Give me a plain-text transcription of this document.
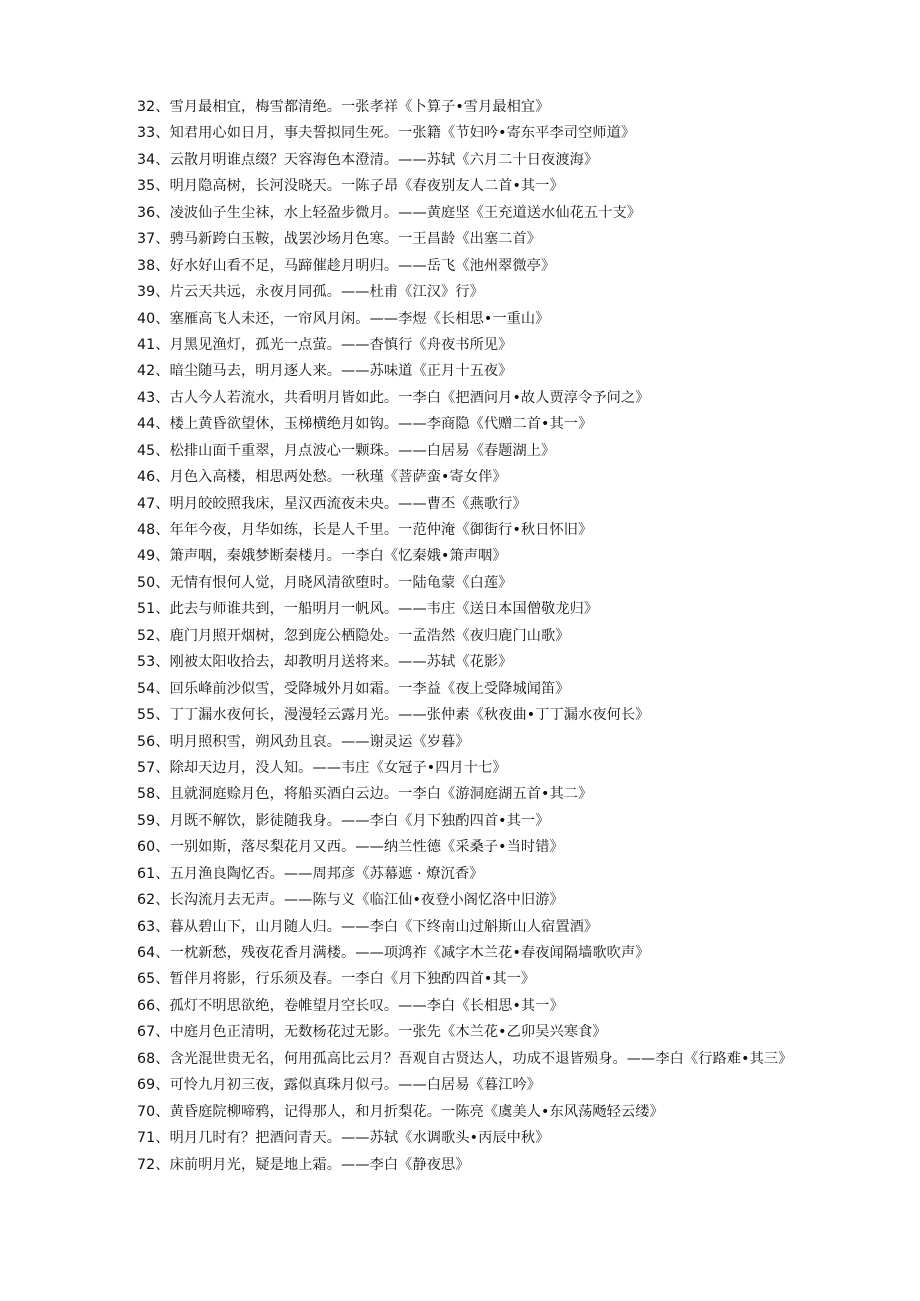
32、雪月最相宜，梅雪都清绝。一张孝祥《卜算子•雪月最相宜》
33、知君用心如日月，事夫誓拟同生死。一张籍《节妇吟•寄东平李司空师道》
34、云散月明谁点缀？天容海色本澄清。——苏轼《六月二十日夜渡海》
35、明月隐高树，长河没晓天。一陈子昂《春夜别友人二首•其一》
36、凌波仙子生尘袜，水上轻盈步微月。——黄庭坚《王充道送水仙花五十支》
37、骋马新跨白玉鞍，战罢沙场月色寒。一王昌龄《出塞二首》
38、好水好山看不足，马蹄催趁月明归。——岳飞《池州翠微亭》
39、片云天共远，永夜月同孤。——杜甫《江汉》行》
40、塞雁高飞人未还，一帘风月闲。——李煜《长相思•一重山》
41、月黑见渔灯，孤光一点萤。——杳慎行《舟夜书所见》
42、暗尘随马去，明月逐人来。——苏味道《正月十五夜》
43、古人今人若流水，共看明月皆如此。一李白《把酒问月•故人贾淳令予问之》
44、楼上黄昏欲望休，玉梯横绝月如钩。——李商隐《代赠二首•其一》
45、松排山面千重翠，月点波心一颗珠。——白居易《春题湖上》
46、月色入高楼，相思两处愁。一秋瑾《菩萨蛮•寄女伴》
47、明月皎皎照我床，星汉西流夜未央。——曹丕《燕歌行》
48、年年今夜，月华如练，长是人千里。一范仲淹《御街行•秋日怀旧》
49、箫声咽，秦娥梦断秦楼月。一李白《忆秦娥•箫声咽》
50、无情有恨何人觉，月晓风清欲堕时。一陆龟蒙《白莲》
51、此去与师谁共到，一船明月一帆风。——韦庄《送日本国僧敬龙归》
52、鹿门月照开烟树，忽到庞公栖隐处。一孟浩然《夜归鹿门山歌》
53、刚被太阳收拾去，却教明月送将来。——苏轼《花影》
54、回乐峰前沙似雪，受降城外月如霜。一李益《夜上受降城闻笛》
55、丁丁漏水夜何长，漫漫轻云露月光。——张仲素《秋夜曲•丁丁漏水夜何长》
56、明月照积雪，朔风劲且哀。——谢灵运《岁暮》
57、除却天边月，没人知。——韦庄《女冠子•四月十七》
58、且就洞庭赊月色，将船买酒白云边。一李白《游洞庭湖五首•其二》
59、月既不解饮，影徒随我身。——李白《月下独酌四首•其一》
60、一别如斯，落尽梨花月又西。——纳兰性德《采桑子•当时错》
61、五月渔良陶忆否。——周邦彦《苏幕遮 · 燎沉香》
62、长沟流月去无声。——陈与义《临江仙•夜登小阁忆洛中旧游》
63、暮从碧山下，山月随人归。——李白《下终南山过斛斯山人宿置酒》
64、一枕新愁，残夜花香月满楼。——项鸿祚《减字木兰花•春夜闻隔墙歌吹声》
65、暂伴月将影，行乐须及春。一李白《月下独酌四首•其一》
66、孤灯不明思欲绝，卷帷望月空长叹。——李白《长相思•其一》
67、中庭月色正清明，无数杨花过无影。一张先《木兰花•乙卯吴兴寒食》
68、含光混世贵无名，何用孤高比云月？吾观自古贤达人，功成不退皆殒身。——李白《行路难•其三》
69、可怜九月初三夜，露似真珠月似弓。——白居易《暮江吟》
70、黄昏庭院柳啼鸦，记得那人，和月折梨花。一陈亮《虞美人•东风荡飏轻云缕》
71、明月几时有？把酒问青天。——苏轼《水调歌头•丙辰中秋》
72、床前明月光，疑是地上霜。——李白《静夜思》
